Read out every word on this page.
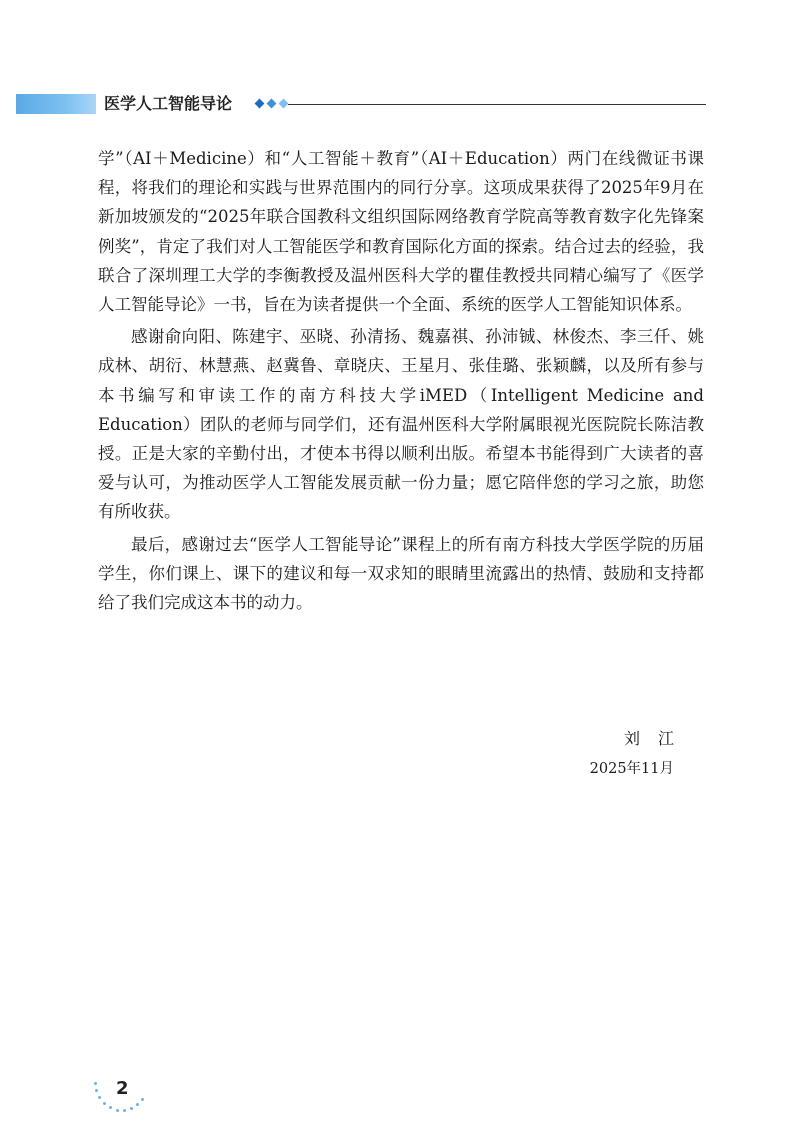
医学人工智能导论

学”（AI＋Medicine）和“人工智能＋教育”（AI＋Education）两门在线微证书课程，将我们的理论和实践与世界范围内的同行分享。这项成果获得了2025年9月在新加坡颁发的“2025年联合国教科文组织国际网络教育学院高等教育数字化先锋案例奖”，肯定了我们对人工智能医学和教育国际化方面的探索。结合过去的经验，我联合了深圳理工大学的李衡教授及温州医科大学的瞿佳教授共同精心编写了《医学人工智能导论》一书，旨在为读者提供一个全面、系统的医学人工智能知识体系。

感谢俞向阳、陈建宇、巫晓、孙清扬、魏嘉祺、孙沛铖、林俊杰、李三仟、姚成林、胡衍、林慧燕、赵冀鲁、章晓庆、王星月、张佳璐、张颖麟，以及所有参与本书编写和审读工作的南方科技大学iMED（Intelligent Medicine and Education）团队的老师与同学们，还有温州医科大学附属眼视光医院院长陈洁教授。正是大家的辛勤付出，才使本书得以顺利出版。希望本书能得到广大读者的喜爱与认可，为推动医学人工智能发展贡献一份力量；愿它陪伴您的学习之旅，助您有所收获。

最后，感谢过去“医学人工智能导论”课程上的所有南方科技大学医学院的历届学生，你们课上、课下的建议和每一双求知的眼睛里流露出的热情、鼓励和支持都给了我们完成这本书的动力。

刘江
2025年11月
2
